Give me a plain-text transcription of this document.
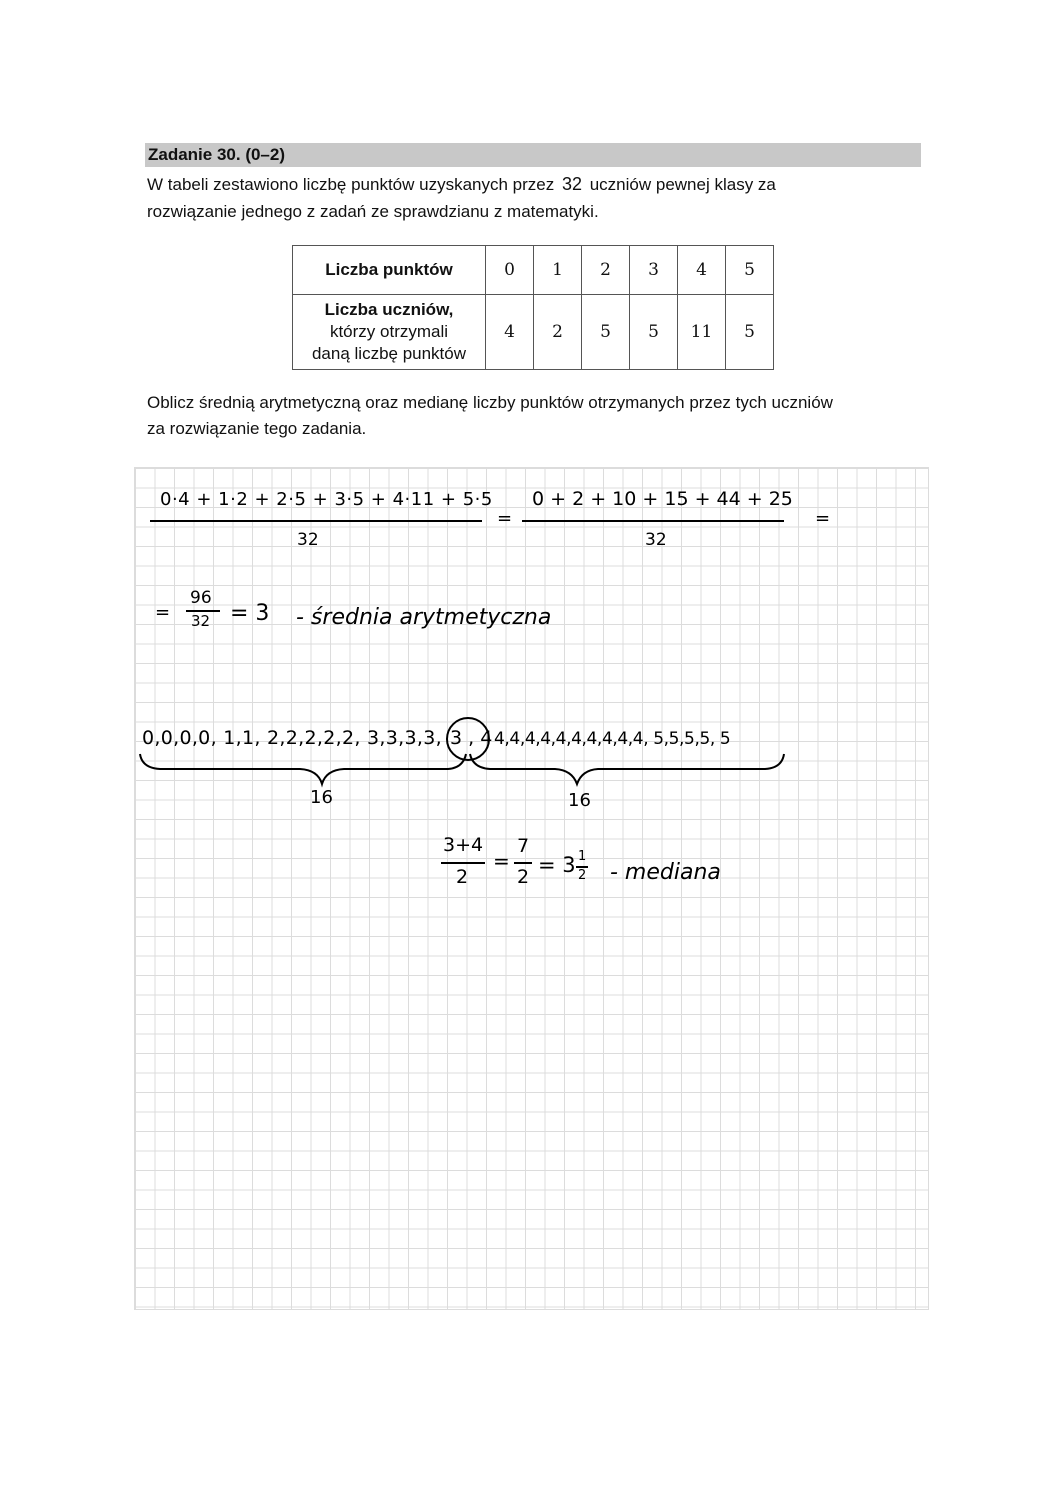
Zadanie 30. (0–2)
W tabeli zestawiono liczbę punktów uzyskanych przez 32 uczniów pewnej klasy za
rozwiązanie jednego z zadań ze sprawdzianu z matematyki.
Liczba punktów	0	1	2	3	4	5
Liczba uczniów,
którzy otrzymali
daną liczbę punktów	4	2	5	5	11	5
Oblicz średnią arytmetyczną oraz medianę liczby punktów otrzymanych przez tych uczniów
za rozwiązanie tego zadania.
0·4 + 1·2 + 2·5 + 3·5 + 4·11 + 5·5
32
=
0 + 2 + 10 + 15 + 44 + 25
32
=
=
96
32 = 3 - średnia arytmetyczna
0,0,0,0, 1,1, 2,2,2,2,2, 3,3,3,3, 3 , 4 4,4,4,4,4,4,4,4,4,4, 5,5,5,5, 5
16	16
3+4
2
=
7
2 = 3 1
2 - mediana
